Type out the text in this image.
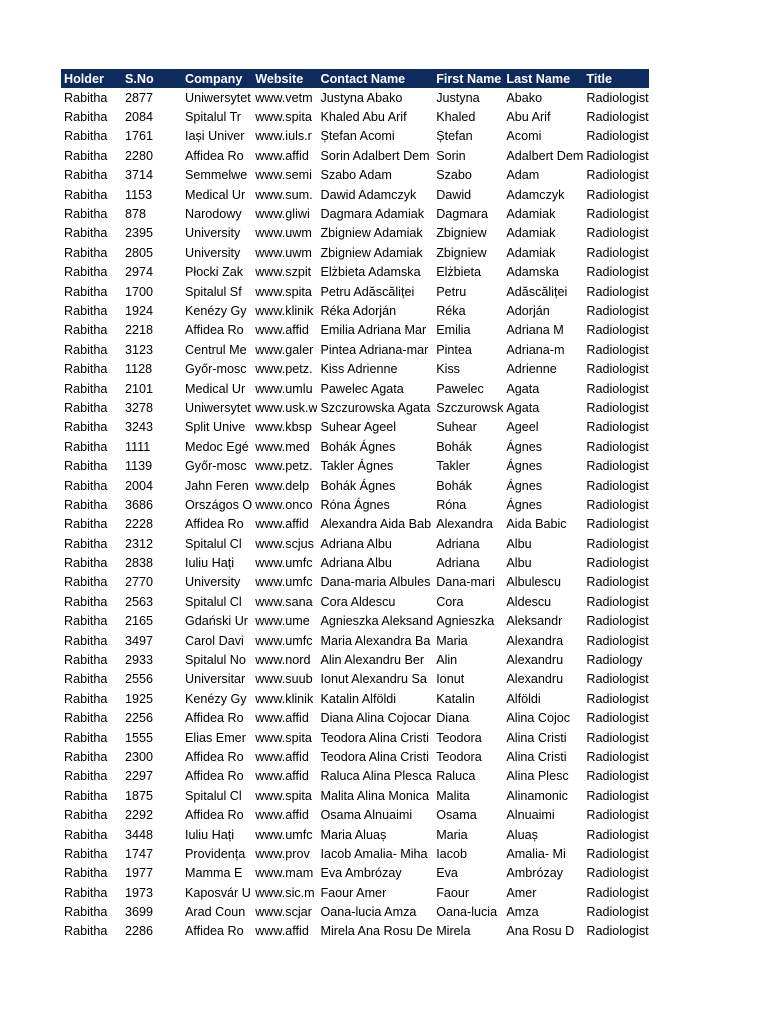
Holder	S.No	Company	Website	Contact Name	First Name	Last Name	Title
Rabitha	2877	Uniwersytet	www.vetm	Justyna Abako	Justyna	Abako	Radiologist
Rabitha	2084	Spitalul Tr	www.spita	Khaled Abu Arif	Khaled	Abu Arif	Radiologist
Rabitha	1761	Iași Univer	www.iuls.r	Ștefan Acomi	Ștefan	Acomi	Radiologist
Rabitha	2280	Affidea Ro	www.affid	Sorin Adalbert Dem	Sorin	Adalbert Dem	Radiologist
Rabitha	3714	Semmelwe	www.semi	Szabo Adam	Szabo	Adam	Radiologist
Rabitha	1153	Medical Ur	www.sum.	Dawid Adamczyk	Dawid	Adamczyk	Radiologist
Rabitha	878	Narodowy	www.gliwi	Dagmara Adamiak	Dagmara	Adamiak	Radiologist
Rabitha	2395	University	www.uwm	Zbigniew Adamiak	Zbigniew	Adamiak	Radiologist
Rabitha	2805	University	www.uwm	Zbigniew Adamiak	Zbigniew	Adamiak	Radiologist
Rabitha	2974	Płocki Zak	www.szpit	Elżbieta Adamska	Elżbieta	Adamska	Radiologist
Rabitha	1700	Spitalul Sf	www.spita	Petru Adăscăliței	Petru	Adăscăliței	Radiologist
Rabitha	1924	Kenézy Gy	www.klinik	Réka Adorján	Réka	Adorján	Radiologist
Rabitha	2218	Affidea Ro	www.affid	Emilia Adriana Mar	Emilia	Adriana M	Radiologist
Rabitha	3123	Centrul Me	www.galer	Pintea Adriana-mar	Pintea	Adriana-m	Radiologist
Rabitha	1128	Győr-mosc	www.petz.	Kiss Adrienne	Kiss	Adrienne	Radiologist
Rabitha	2101	Medical Ur	www.umlu	Pawelec Agata	Pawelec	Agata	Radiologist
Rabitha	3278	Uniwersytet	www.usk.w	Szczurowska Agata	Szczurowsk	Agata	Radiologist
Rabitha	3243	Split Unive	www.kbsp	Suhear Ageel	Suhear	Ageel	Radiologist
Rabitha	1111	Medoc Egé	www.med	Bohák Ágnes	Bohák	Ágnes	Radiologist
Rabitha	1139	Győr-mosc	www.petz.	Takler Ágnes	Takler	Ágnes	Radiologist
Rabitha	2004	Jahn Feren	www.delp	Bohák Ágnes	Bohák	Ágnes	Radiologist
Rabitha	3686	Országos O	www.onco	Róna Ágnes	Róna	Ágnes	Radiologist
Rabitha	2228	Affidea Ro	www.affid	Alexandra Aida Bab	Alexandra	Aida Babic	Radiologist
Rabitha	2312	Spitalul Cl	www.scjus	Adriana Albu	Adriana	Albu	Radiologist
Rabitha	2838	Iuliu Hați	www.umfc	Adriana Albu	Adriana	Albu	Radiologist
Rabitha	2770	University	www.umfc	Dana-maria Albules	Dana-mari	Albulescu	Radiologist
Rabitha	2563	Spitalul Cl	www.sana	Cora Aldescu	Cora	Aldescu	Radiologist
Rabitha	2165	Gdański Ur	www.ume	Agnieszka Aleksand	Agnieszka	Aleksandr	Radiologist
Rabitha	3497	Carol Davi	www.umfc	Maria Alexandra Ba	Maria	Alexandra	Radiologist
Rabitha	2933	Spitalul No	www.nord	Alin Alexandru Ber	Alin	Alexandru	Radiology
Rabitha	2556	Universitar	www.suub	Ionut Alexandru Sa	Ionut	Alexandru	Radiologist
Rabitha	1925	Kenézy Gy	www.klinik	Katalin Alföldi	Katalin	Alföldi	Radiologist
Rabitha	2256	Affidea Ro	www.affid	Diana Alina Cojocar	Diana	Alina Cojoc	Radiologist
Rabitha	1555	Elias Emer	www.spita	Teodora Alina Cristi	Teodora	Alina Cristi	Radiologist
Rabitha	2300	Affidea Ro	www.affid	Teodora Alina Cristi	Teodora	Alina Cristi	Radiologist
Rabitha	2297	Affidea Ro	www.affid	Raluca Alina Plesca	Raluca	Alina Plesc	Radiologist
Rabitha	1875	Spitalul Cl	www.spita	Malita Alina Monica	Malita	Alinamonic	Radiologist
Rabitha	2292	Affidea Ro	www.affid	Osama Alnuaimi	Osama	Alnuaimi	Radiologist
Rabitha	3448	Iuliu Hați	www.umfc	Maria Aluaș	Maria	Aluaș	Radiologist
Rabitha	1747	Providența	www.prov	Iacob Amalia- Miha	Iacob	Amalia- Mi	Radiologist
Rabitha	1977	Mamma E	www.mam	Eva Ambrózay	Eva	Ambrózay	Radiologist
Rabitha	1973	Kaposvár U	www.sic.m	Faour Amer	Faour	Amer	Radiologist
Rabitha	3699	Arad Coun	www.scjar	Oana-lucia Amza	Oana-lucia	Amza	Radiologist
Rabitha	2286	Affidea Ro	www.affid	Mirela Ana Rosu De	Mirela	Ana Rosu D	Radiologist
